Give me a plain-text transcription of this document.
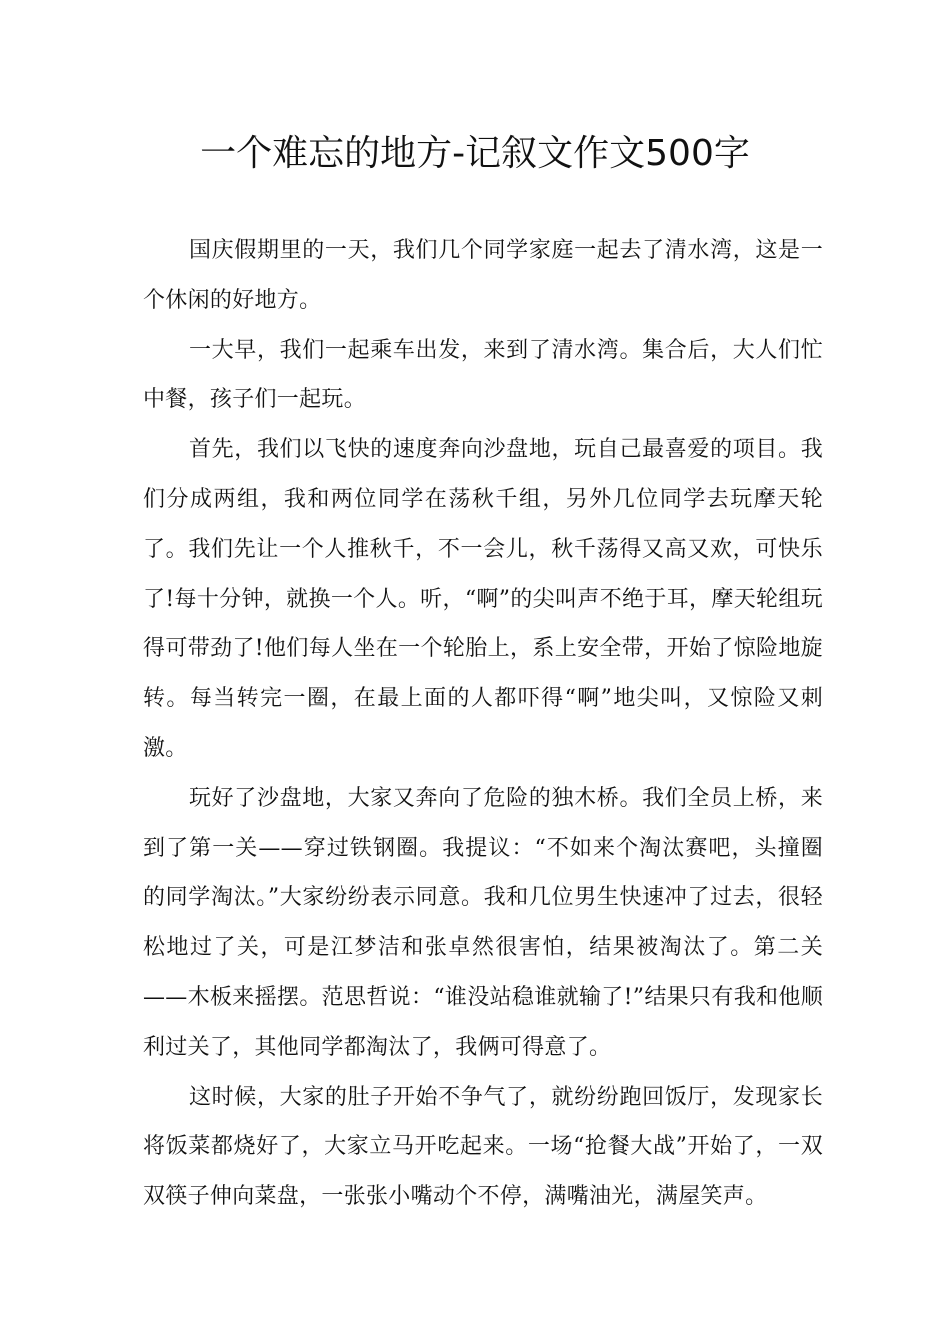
一个难忘的地方-记叙文作文500字

国庆假期里的一天，我们几个同学家庭一起去了清水湾，这是一个休闲的好地方。

一大早，我们一起乘车出发，来到了清水湾。集合后，大人们忙中餐，孩子们一起玩。

首先，我们以飞快的速度奔向沙盘地，玩自己最喜爱的项目。我们分成两组，我和两位同学在荡秋千组，另外几位同学去玩摩天轮了。我们先让一个人推秋千，不一会儿，秋千荡得又高又欢，可快乐了!每十分钟，就换一个人。听，“啊”的尖叫声不绝于耳，摩天轮组玩得可带劲了!他们每人坐在一个轮胎上，系上安全带，开始了惊险地旋转。每当转完一圈，在最上面的人都吓得“啊”地尖叫，又惊险又刺激。

玩好了沙盘地，大家又奔向了危险的独木桥。我们全员上桥，来到了第一关——穿过铁钢圈。我提议：“不如来个淘汰赛吧，头撞圈的同学淘汰。”大家纷纷表示同意。我和几位男生快速冲了过去，很轻松地过了关，可是江梦洁和张卓然很害怕，结果被淘汰了。第二关——木板来摇摆。范思哲说：“谁没站稳谁就输了!”结果只有我和他顺利过关了，其他同学都淘汰了，我俩可得意了。

这时候，大家的肚子开始不争气了，就纷纷跑回饭厅，发现家长将饭菜都烧好了，大家立马开吃起来。一场“抢餐大战”开始了，一双双筷子伸向菜盘，一张张小嘴动个不停，满嘴油光，满屋笑声。
